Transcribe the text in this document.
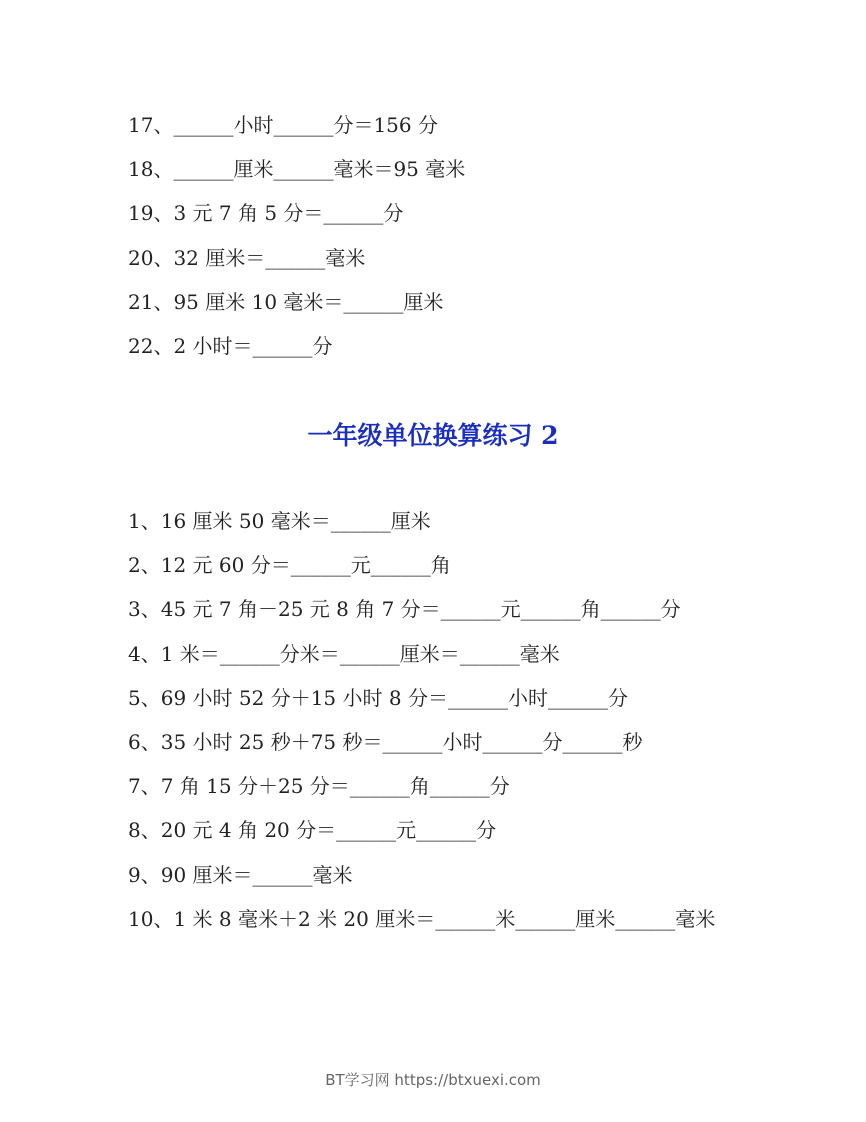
17、______小时______分＝156 分
18、______厘米______毫米＝95 毫米
19、3 元 7 角 5 分＝______分
20、32 厘米＝______毫米
21、95 厘米 10 毫米＝______厘米
22、2 小时＝______分
一年级单位换算练习 2
1、16 厘米 50 毫米＝______厘米
2、12 元 60 分＝______元______角
3、45 元 7 角－25 元 8 角 7 分＝______元______角______分
4、1 米＝______分米＝______厘米＝______毫米
5、69 小时 52 分＋15 小时 8 分＝______小时______分
6、35 小时 25 秒＋75 秒＝______小时______分______秒
7、7 角 15 分＋25 分＝______角______分
8、20 元 4 角 20 分＝______元______分
9、90 厘米＝______毫米
10、1 米 8 毫米＋2 米 20 厘米＝______米______厘米______毫米
BT学习网 https://btxuexi.com
